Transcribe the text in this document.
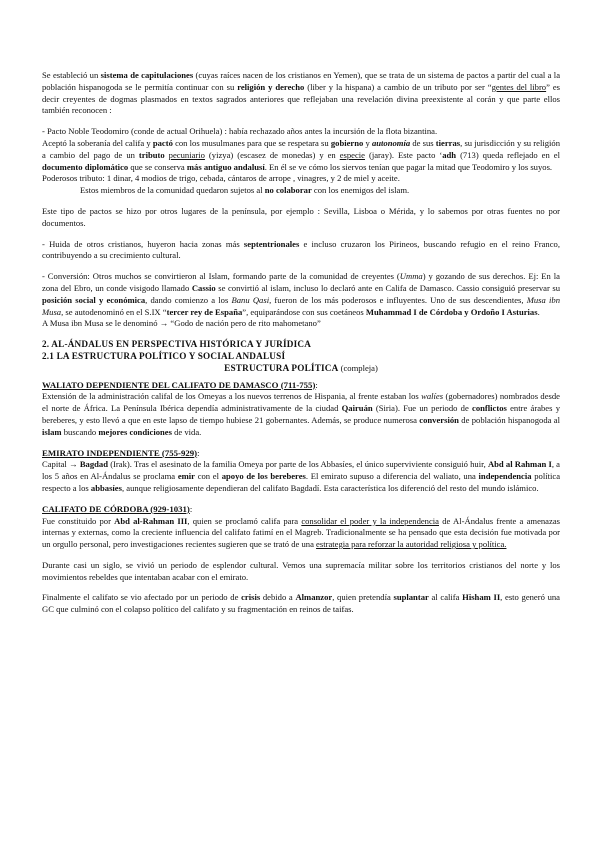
Se estableció un sistema de capitulaciones (cuyas raíces nacen de los cristianos en Yemen), que se trata de un sistema de pactos a partir del cual a la población hispanogoda se le permitía continuar con su religión y derecho (liber y la hispana) a cambio de un tributo por ser “gentes del libro” es decir creyentes de dogmas plasmados en textos sagrados anteriores que reflejaban una revelación divina preexistente al corán y que parte ellos también reconocen :

- Pacto Noble Teodomiro (conde de actual Orihuela) : había rechazado años antes la incursión de la flota bizantina.

Aceptó la soberanía del califa y pactó con los musulmanes para que se respetara su gobierno y autonomía de sus tierras, su jurisdicción y su religión a cambio del pago de un tributo pecuniario (yizya) (escasez de monedas) y en especie (jaray). Este pacto ‘adh (713) queda reflejado en el documento diplomático que se conserva más antiguo andalusí. En él se ve cómo los siervos tenían que pagar la mitad que Teodomiro y los suyos.

Poderosos tributo: 1 dinar, 4 modios de trigo, cebada, cántaros de arrope , vinagres, y 2 de miel y aceite.

Estos miembros de la comunidad quedaron sujetos al no colaborar con los enemigos del islam.

Este tipo de pactos se hizo por otros lugares de la península, por ejemplo : Sevilla, Lisboa o Mérida, y lo sabemos por otras fuentes no por documentos.

- Huida de otros cristianos, huyeron hacia zonas más septentrionales e incluso cruzaron los Pirineos, buscando refugio en el reino Franco, contribuyendo a su crecimiento cultural.

- Conversión: Otros muchos se convirtieron al Islam, formando parte de la comunidad de creyentes (Umma) y gozando de sus derechos. Ej: En la zona del Ebro, un conde visigodo llamado Cassio se convirtió al islam, incluso lo declaró ante en Califa de Damasco. Cassio consiguió preservar su posición social y económica, dando comienzo a los Banu Qasi, fueron de los más poderosos e influyentes. Uno de sus descendientes, Musa ibn Musa, se autodenominó en el S.IX “tercer rey de España”, equiparándose con sus coetáneos Muhammad I de Córdoba y Ordoño I Asturias.

A Musa ibn Musa se le denominó → “Godo de nación pero de rito mahometano”

2. AL-ÁNDALUS EN PERSPECTIVA HISTÓRICA Y JURÍDICA

2.1 LA ESTRUCTURA POLÍTICO Y SOCIAL ANDALUSÍ

ESTRUCTURA POLÍTICA (compleja)

WALIATO DEPENDIENTE DEL CALIFATO DE DAMASCO (711-755):

Extensión de la administración califal de los Omeyas a los nuevos terrenos de Hispania, al frente estaban los walíes (gobernadores) nombrados desde el norte de África. La Península Ibérica dependía administrativamente de la ciudad Qairuán (Siria). Fue un periodo de conflictos entre árabes y bereberes, y esto llevó a que en este lapso de tiempo hubiese 21 gobernantes. Además, se produce numerosa conversión de población hispanogoda al islam buscando mejores condiciones de vida.

EMIRATO INDEPENDIENTE (755-929):

Capital → Bagdad (Irak). Tras el asesinato de la familia Omeya por parte de los Abbasíes, el único superviviente consiguió huir, Abd al Rahman I, a los 5 años en Al-Ándalus se proclama emir con el apoyo de los bereberes. El emirato supuso a diferencia del waliato, una independencia política respecto a los abbasíes, aunque religiosamente dependieran del califato Bagdadí. Esta característica los diferenció del resto del mundo islámico.

CALIFATO DE CÓRDOBA (929-1031):

Fue constituido por Abd al-Rahman III, quien se proclamó califa para consolidar el poder y la independencia de Al-Ándalus frente a amenazas internas y externas, como la creciente influencia del califato fatimí en el Magreb. Tradicionalmente se ha pensado que esta decisión fue motivada por un orgullo personal, pero investigaciones recientes sugieren que se trató de una estrategia para reforzar la autoridad religiosa y política.

Durante casi un siglo, se vivió un periodo de esplendor cultural. Vemos una supremacía militar sobre los territorios cristianos del norte y los movimientos rebeldes que intentaban acabar con el emirato.

Finalmente el califato se vio afectado por un periodo de crisis debido a Almanzor, quien pretendía suplantar al califa Hisham II, esto generó una GC que culminó con el colapso político del califato y su fragmentación en reinos de taifas.
